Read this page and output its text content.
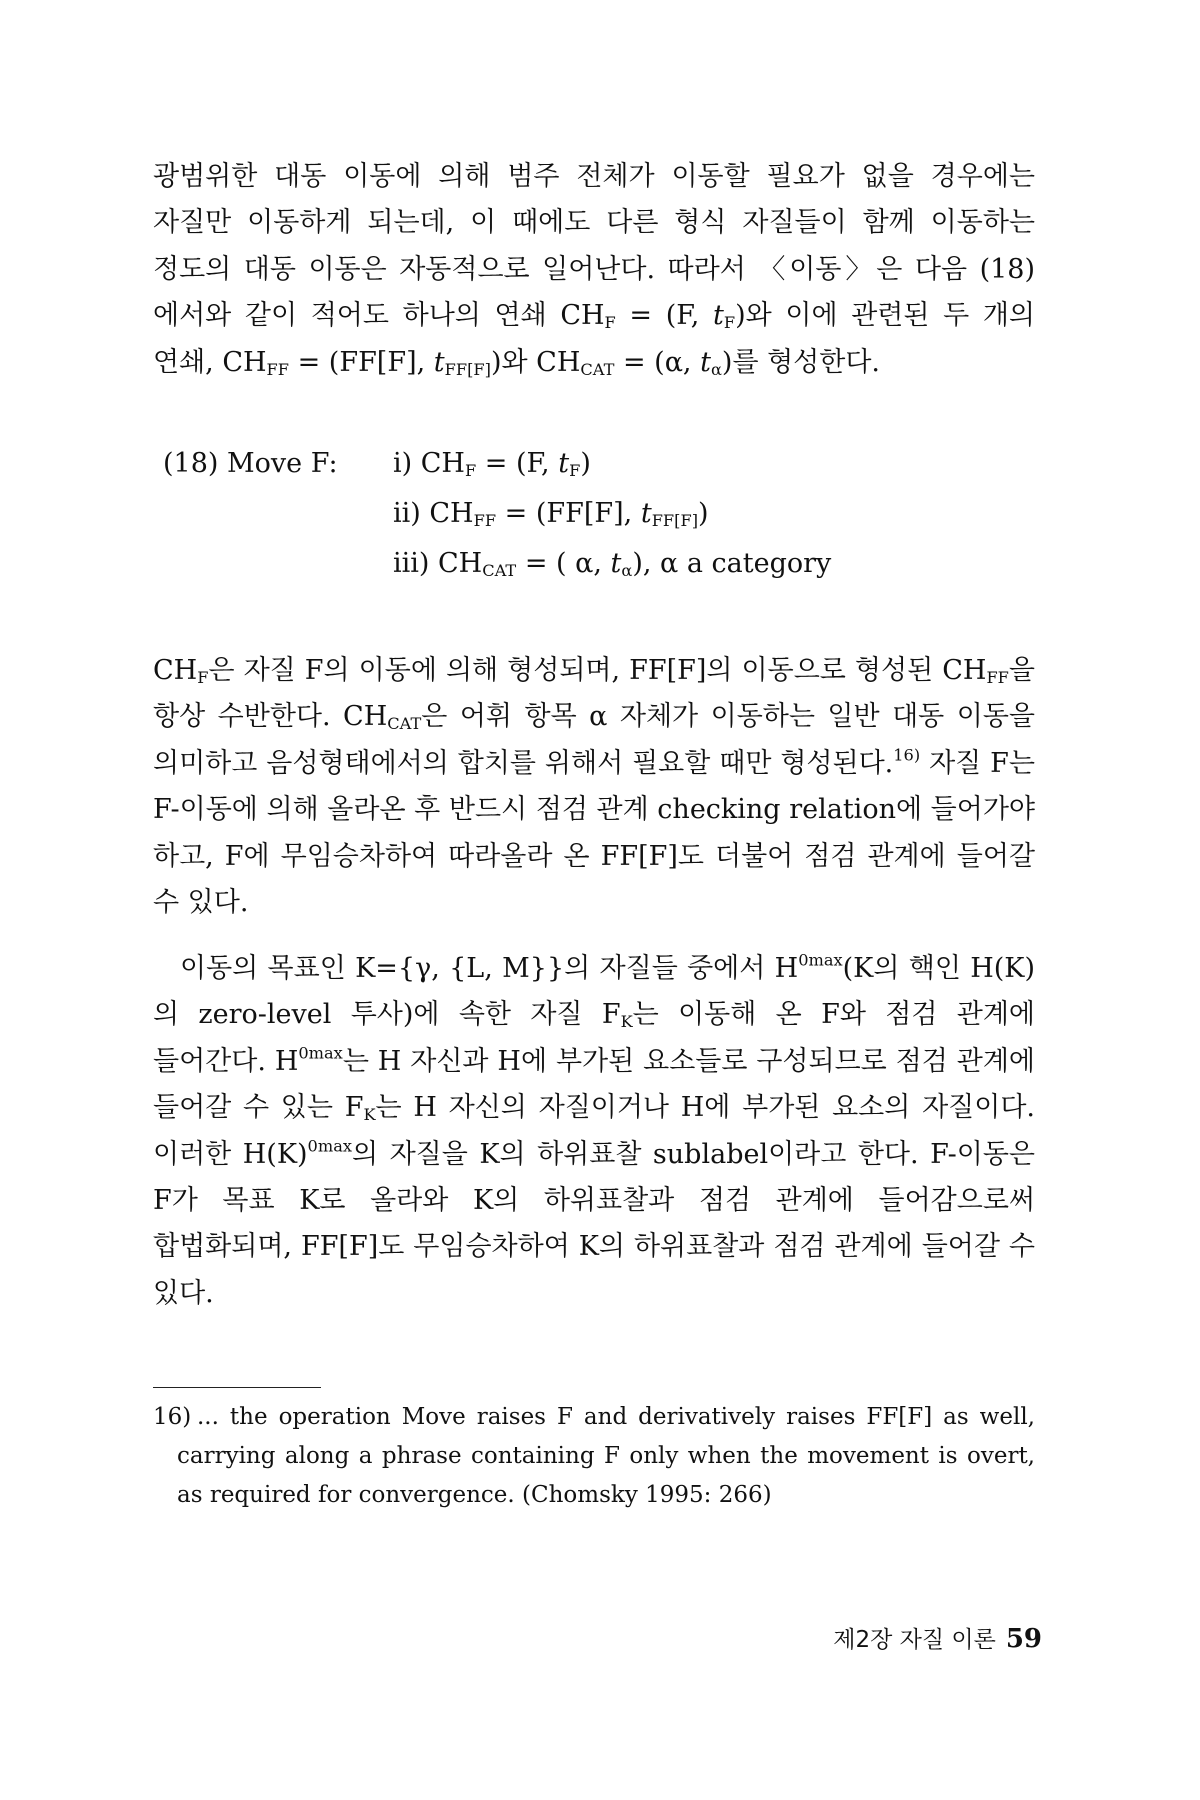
광범위한 대동 이동에 의해 범주 전체가 이동할 필요가 없을 경우에는 자질만 이동하게 되는데, 이 때에도 다른 형식 자질들이 함께 이동하는 정도의 대동 이동은 자동적으로 일어난다. 따라서 〈이동〉은 다음 (18)에서와 같이 적어도 하나의 연쇄 $CH_F = (F$, $t_F$)와 이에 관련된 두 개의 연쇄, $CH_{FF} = (FF[F]$, $t_{FF[F]}$)와 $CH_{CAT} = (\alpha$, $t_\alpha$)를 형성한다.

(18) Move F: i) $CH_F = (F$, $t_F$)
ii) $CH_{FF} = (FF[F]$, $t_{FF[F]}$)
iii) $CH_{CAT}$ = ( α, $t_\alpha$), α a category

$CH_F$은 자질 F의 이동에 의해 형성되며, FF[F]의 이동으로 형성된 $CH_{FF}$을 항상 수반한다. $CH_{CAT}$은 어휘 항목 α 자체가 이동하는 일반 대동 이동을 의미하고 음성형태에서의 합치를 위해서 필요할 때만 형성된다.$^{16)}$ 자질 F는 F-이동에 의해 올라온 후 반드시 점검 관계 checking relation에 들어가야 하고, F에 무임승차하여 따라올라 온 FF[F]도 더불어 점검 관계에 들어갈 수 있다.

이동의 목표인 K={γ, {L, M}}의 자질들 중에서 $H^{0max}(K$의 핵인 H(K)의 zero-level 투사)에 속한 자질 $F_K$는 이동해 온 F와 점검 관계에 들어간다. $H^{0max}$는 H 자신과 H에 부가된 요소들로 구성되므로 점검 관계에 들어갈 수 있는 $F_K$는 H 자신의 자질이거나 H에 부가된 요소의 자질이다. 이러한 $H(K)^{0max}$의 자질을 K의 하위표찰 sublabel이라고 한다. F-이동은 F가 목표 K로 올라와 K의 하위표찰과 점검 관계에 들어감으로써 합법화되며, FF[F]도 무임승차하여 K의 하위표찰과 점검 관계에 들어갈 수 있다.

16) ... the operation Move raises F and derivatively raises FF[F] as well, carrying along a phrase containing F only when the movement is overt, as required for convergence. (Chomsky 1995: 266)
제2장 자질 이론 59
